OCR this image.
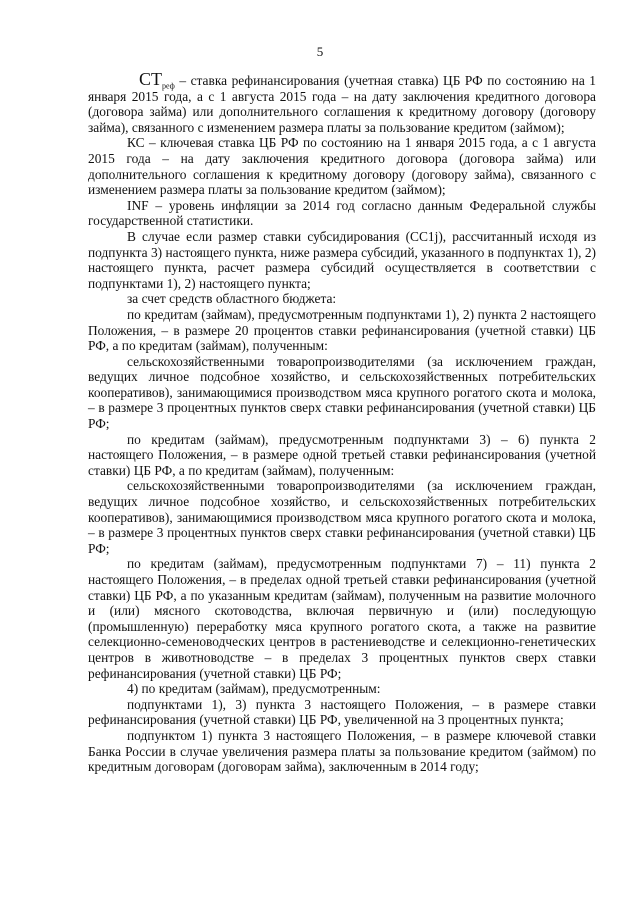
5

$СТ_{реф}$ – ставка рефинансирования (учетная ставка) ЦБ РФ по состоянию на 1 января 2015 года, а с 1 августа 2015 года – на дату заключения кредитного договора (договора займа) или дополнительного соглашения к кредитному договору (договору займа), связанного с изменением размера платы за пользование кредитом (займом);

КС – ключевая ставка ЦБ РФ по состоянию на 1 января 2015 года, а с 1 августа 2015 года – на дату заключения кредитного договора (договора займа) или дополнительного соглашения к кредитному договору (договору займа), связанного с изменением размера платы за пользование кредитом (займом);

INF – уровень инфляции за 2014 год согласно данным Федеральной службы государственной статистики.

В случае если размер ставки субсидирования (СС1j), рассчитанный исходя из подпункта 3) настоящего пункта, ниже размера субсидий, указанного в подпунктах 1), 2) настоящего пункта, расчет размера субсидий осуществляется в соответствии с подпунктами 1), 2) настоящего пункта;

за счет средств областного бюджета:

по кредитам (займам), предусмотренным подпунктами 1), 2) пункта 2 настоящего Положения, – в размере 20 процентов ставки рефинансирования (учетной ставки) ЦБ РФ, а по кредитам (займам), полученным:

сельскохозяйственными товаропроизводителями (за исключением граждан, ведущих личное подсобное хозяйство, и сельскохозяйственных потребительских кооперативов), занимающимися производством мяса крупного рогатого скота и молока, – в размере 3 процентных пунктов сверх ставки рефинансирования (учетной ставки) ЦБ РФ;

по кредитам (займам), предусмотренным подпунктами 3) – 6) пункта 2 настоящего Положения, – в размере одной третьей ставки рефинансирования (учетной ставки) ЦБ РФ, а по кредитам (займам), полученным:

сельскохозяйственными товаропроизводителями (за исключением граждан, ведущих личное подсобное хозяйство, и сельскохозяйственных потребительских кооперативов), занимающимися производством мяса крупного рогатого скота и молока, – в размере 3 процентных пунктов сверх ставки рефинансирования (учетной ставки) ЦБ РФ;

по кредитам (займам), предусмотренным подпунктами 7) – 11) пункта 2 настоящего Положения, – в пределах одной третьей ставки рефинансирования (учетной ставки) ЦБ РФ, а по указанным кредитам (займам), полученным на развитие молочного и (или) мясного скотоводства, включая первичную и (или) последующую (промышленную) переработку мяса крупного рогатого скота, а также на развитие селекционно-семеноводческих центров в растениеводстве и селекционно-генетических центров в животноводстве – в пределах 3 процентных пунктов сверх ставки рефинансирования (учетной ставки) ЦБ РФ;

4) по кредитам (займам), предусмотренным:

подпунктами 1), 3) пункта 3 настоящего Положения, – в размере ставки рефинансирования (учетной ставки) ЦБ РФ, увеличенной на 3 процентных пункта;

подпунктом 1) пункта 3 настоящего Положения, – в размере ключевой ставки Банка России в случае увеличения размера платы за пользование кредитом (займом) по кредитным договорам (договорам займа), заключенным в 2014 году;
